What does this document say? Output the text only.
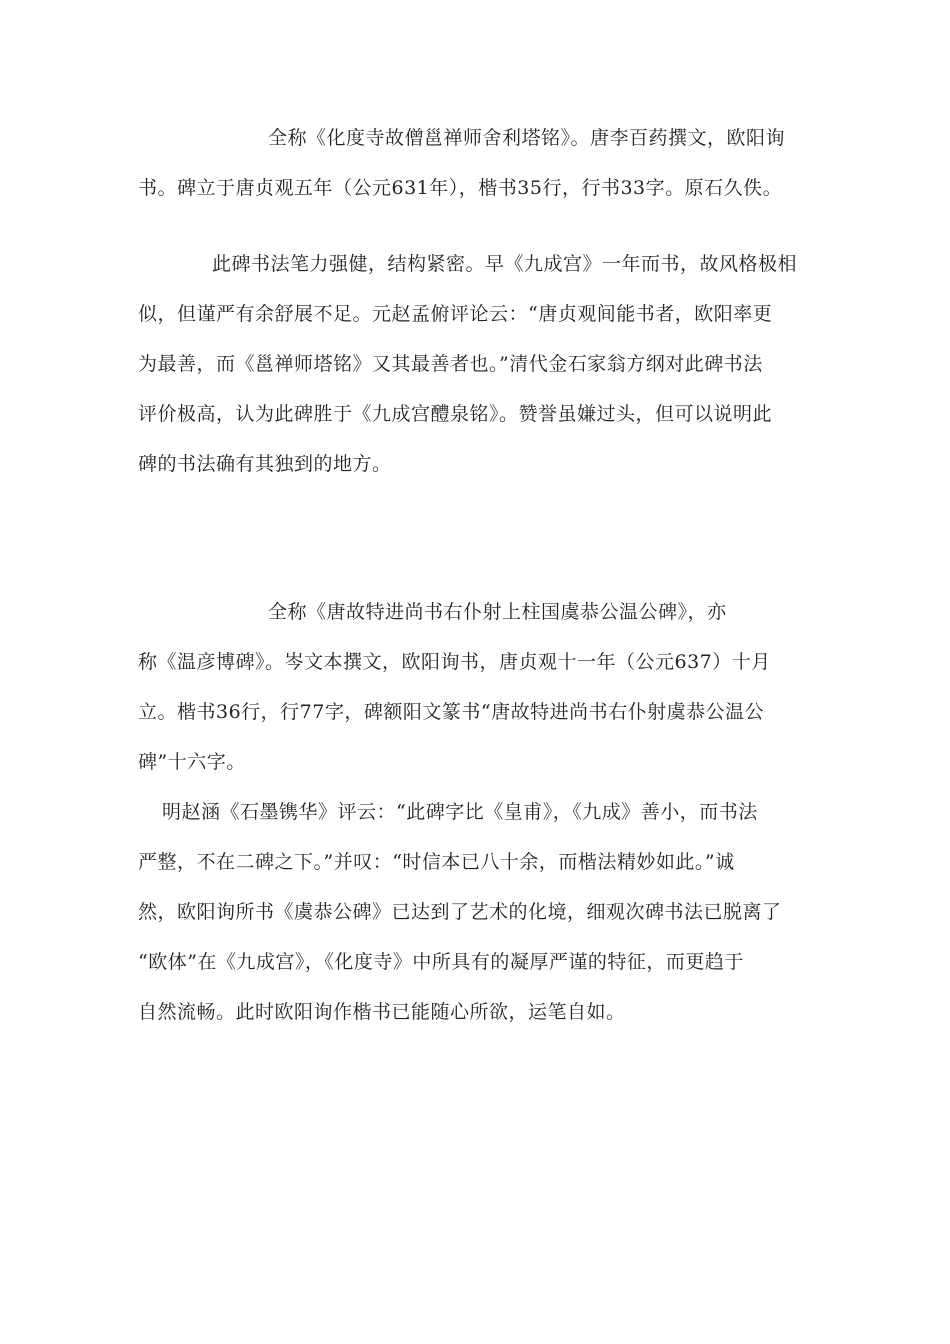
全称《化度寺故僧邕禅师舍利塔铭》。唐李百药撰文，欧阳询
书。碑立于唐贞观五年（公元631年），楷书35行，行书33字。原石久佚。
此碑书法笔力强健，结构紧密。早《九成宫》一年而书，故风格极相
似，但谨严有余舒展不足。元赵孟俯评论云：“唐贞观间能书者，欧阳率更
为最善，而《邕禅师塔铭》又其最善者也。”清代金石家翁方纲对此碑书法
评价极高，认为此碑胜于《九成宫醴泉铭》。赞誉虽嫌过头，但可以说明此
碑的书法确有其独到的地方。
全称《唐故特进尚书右仆射上柱国虞恭公温公碑》，亦
称《温彦博碑》。岑文本撰文，欧阳询书，唐贞观十一年（公元637）十月
立。楷书36行，行77字，碑额阳文篆书“唐故特进尚书右仆射虞恭公温公
碑”十六字。
明赵涵《石墨镌华》评云：“此碑字比《皇甫》，《九成》善小，而书法
严整，不在二碑之下。”并叹：“时信本已八十余，而楷法精妙如此。”诚
然，欧阳询所书《虞恭公碑》已达到了艺术的化境，细观次碑书法已脱离了
“欧体”在《九成宫》，《化度寺》中所具有的凝厚严谨的特征，而更趋于
自然流畅。此时欧阳询作楷书已能随心所欲，运笔自如。
